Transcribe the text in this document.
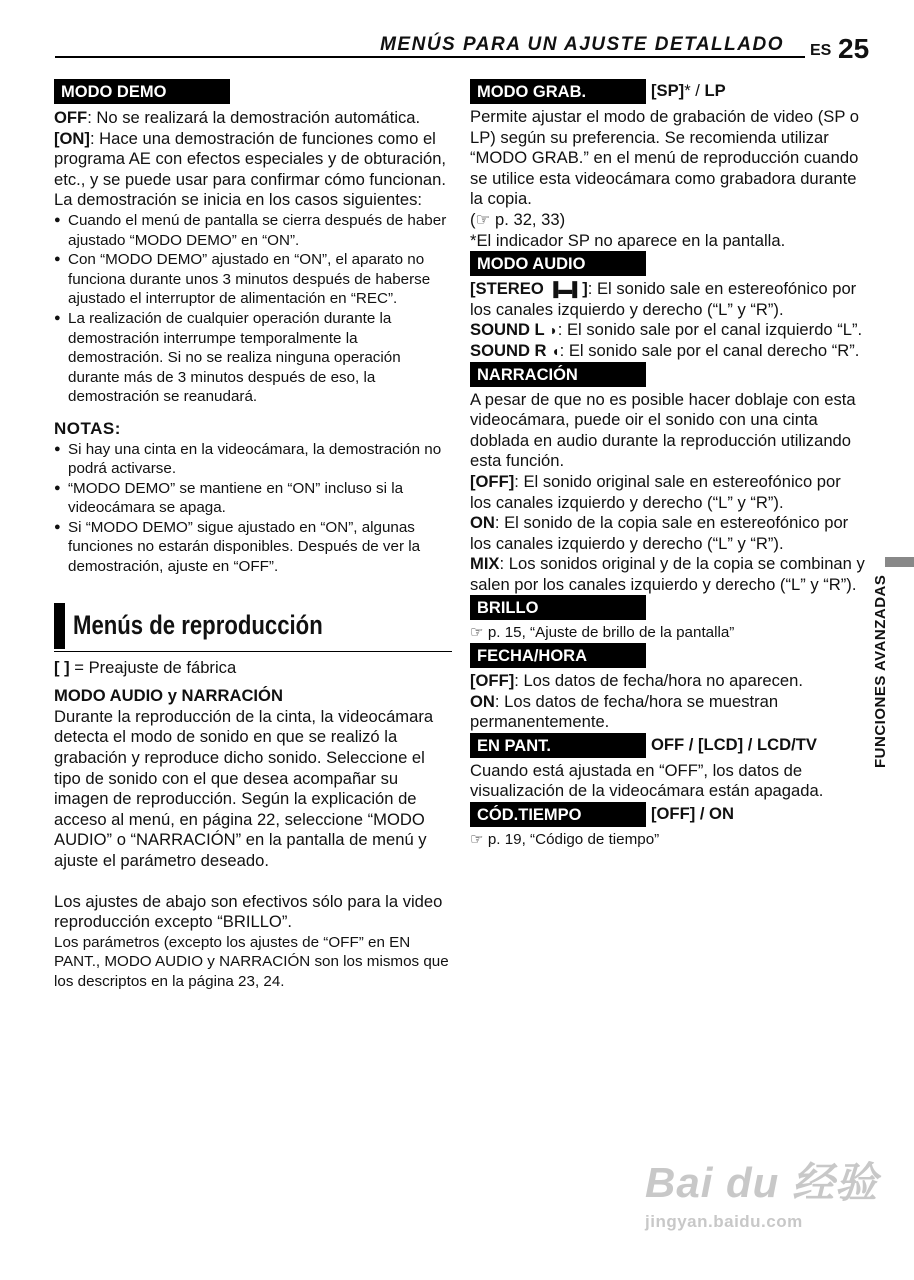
MENÚS PARA UN AJUSTE DETALLADO ES 25
FUNCIONES AVANZADAS
MODO DEMO

OFF: No se realizará la demostración automática.

[ON]: Hace una demostración de funciones como el programa AE con efectos especiales y de obturación, etc., y se puede usar para confirmar cómo funcionan. La demostración se inicia en los casos siguientes:

● Cuando el menú de pantalla se cierra después de haber ajustado “MODO DEMO” en “ON”.
● Con “MODO DEMO” ajustado en “ON”, el aparato no funciona durante unos 3 minutos después de haberse ajustado el interruptor de alimentación en “REC”.
● La realización de cualquier operación durante la demostración interrumpe temporalmente la demostración. Si no se realiza ninguna operación durante más de 3 minutos después de eso, la demostración se reanudará.
NOTAS:
● Si hay una cinta en la videocámara, la demostración no podrá activarse.
● “MODO DEMO” se mantiene en “ON” incluso si la videocámara se apaga.
● Si “MODO DEMO” sigue ajustado en “ON”, algunas funciones no estarán disponibles. Después de ver la demostración, ajuste en “OFF”.
Menús de reproducción

[ ] = Preajuste de fábrica

MODO AUDIO y NARRACIÓN

Durante la reproducción de la cinta, la videocámara detecta el modo de sonido en que se realizó la grabación y reproduce dicho sonido. Seleccione el tipo de sonido con el que desea acompañar su imagen de reproducción. Según la explicación de acceso al menú, en página 22, seleccione “MODO AUDIO” o “NARRACIÓN” en la pantalla de menú y ajuste el parámetro deseado.

Los ajustes de abajo son efectivos sólo para la video reproducción excepto “BRILLO”.

Los parámetros (excepto los ajustes de “OFF” en EN PANT., MODO AUDIO y NARRACIÓN son los mismos que los descriptos en la página 23, 24.

MODO GRAB.	[SP]* / LP

Permite ajustar el modo de grabación de video (SP o LP) según su preferencia. Se recomienda utilizar “MODO GRAB.” en el menú de reproducción cuando se utilice esta videocámara como grabadora durante la copia.

(☞ p. 32, 33)

*El indicador SP no aparece en la pantalla.

MODO AUDIO

[STEREO ▐▬▌]: El sonido sale en estereofónico por los canales izquierdo y derecho (“L” y “R”).

SOUND L ◗: El sonido sale por el canal izquierdo “L”.

SOUND R ◖: El sonido sale por el canal derecho “R”.

NARRACIÓN

A pesar de que no es posible hacer doblaje con esta videocámara, puede oir el sonido con una cinta doblada en audio durante la reproducción utilizando esta función.

[OFF]: El sonido original sale en estereofónico por los canales izquierdo y derecho (“L” y “R”).

ON: El sonido de la copia sale en estereofónico por los canales izquierdo y derecho (“L” y “R”).

MIX: Los sonidos original y de la copia se combinan y salen por los canales izquierdo y derecho (“L” y “R”).

BRILLO

☞ p. 15, “Ajuste de brillo de la pantalla”

FECHA/HORA

[OFF]: Los datos de fecha/hora no aparecen.

ON: Los datos de fecha/hora se muestran permanentemente.

EN PANT.	OFF / [LCD] / LCD/TV

Cuando está ajustada en “OFF”, los datos de visualización de la videocámara están apagada.

CÓD.TIEMPO	[OFF] / ON

☞ p. 19, “Código de tiempo”

Bai du 经验
jingyan.baidu.com
